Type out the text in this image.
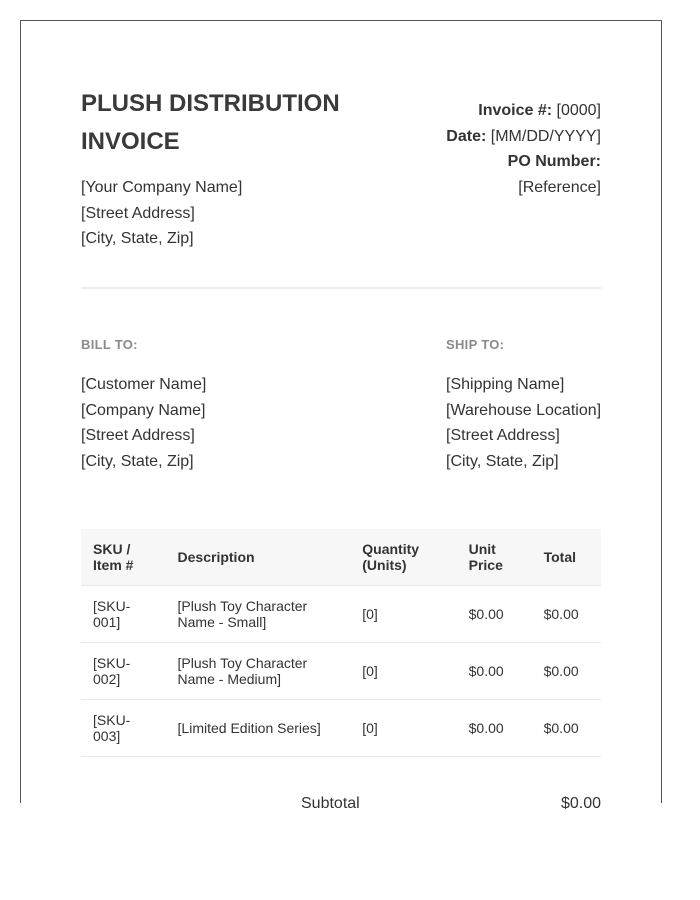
PLUSH DISTRIBUTION
INVOICE
Invoice #: [0000]
Date: [MM/DD/YYYY]
PO Number:
[Reference]
[Your Company Name]
[Street Address]
[City, State, Zip]
BILL TO:	SHIP TO:
[Customer Name]
[Company Name]
[Street Address]
[City, State, Zip]
[Shipping Name]
[Warehouse Location]
[Street Address]
[City, State, Zip]
SKU / Item #	Description	Quantity (Units)	Unit Price	Total
[SKU-001]	[Plush Toy Character Name - Small]	[0]	$0.00	$0.00
[SKU-002]	[Plush Toy Character Name - Medium]	[0]	$0.00	$0.00
[SKU-003]	[Limited Edition Series]	[0]	$0.00	$0.00
Subtotal	$0.00
